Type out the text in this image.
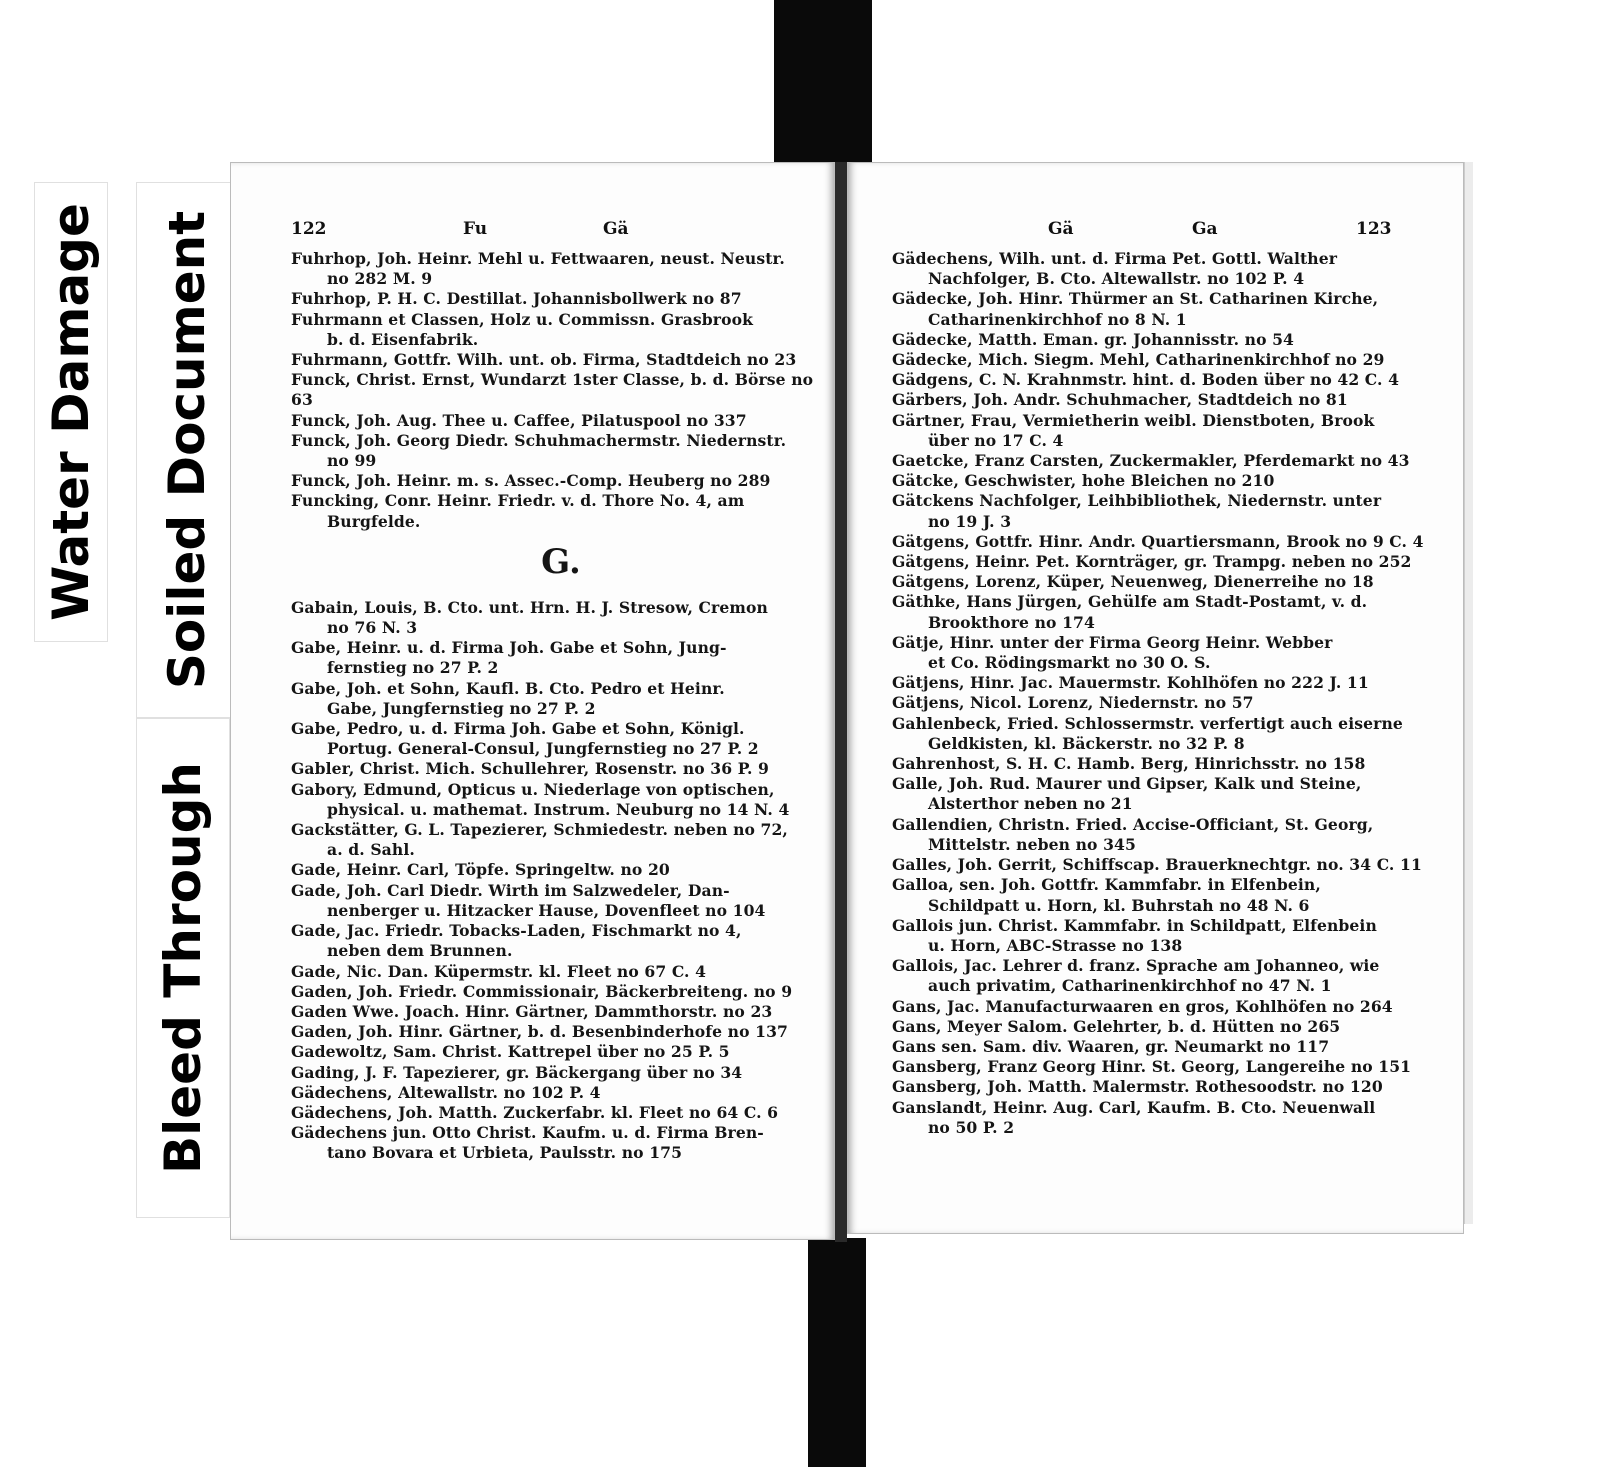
Water Damage Soiled Document
Bleed Through
122	Fu	Gä
Fuhrhop, Joh. Heinr. Mehl u. Fettwaaren, neust. Neustr.
no 282 M. 9
Fuhrhop, P. H. C. Destillat. Johannisbollwerk no 87
Fuhrmann et Classen, Holz u. Commissn. Grasbrook
b. d. Eisenfabrik.
Fuhrmann, Gottfr. Wilh. unt. ob. Firma, Stadtdeich no 23
Funck, Christ. Ernst, Wundarzt 1ster Classe, b. d. Börse no 63
Funck, Joh. Aug. Thee u. Caffee, Pilatuspool no 337
Funck, Joh. Georg Diedr. Schuhmachermstr. Niedernstr.
no 99
Funck, Joh. Heinr. m. s. Assec.-Comp. Heuberg no 289
Funcking, Conr. Heinr. Friedr. v. d. Thore No. 4, am
Burgfelde.
G.
Gabain, Louis, B. Cto. unt. Hrn. H. J. Stresow, Cremon
no 76 N. 3
Gabe, Heinr. u. d. Firma Joh. Gabe et Sohn, Jung-
fernstieg no 27 P. 2
Gabe, Joh. et Sohn, Kaufl. B. Cto. Pedro et Heinr.
Gabe, Jungfernstieg no 27 P. 2
Gabe, Pedro, u. d. Firma Joh. Gabe et Sohn, Königl.
Portug. General-Consul, Jungfernstieg no 27 P. 2
Gabler, Christ. Mich. Schullehrer, Rosenstr. no 36 P. 9
Gabory, Edmund, Opticus u. Niederlage von optischen,
physical. u. mathemat. Instrum. Neuburg no 14 N. 4
Gackstätter, G. L. Tapezierer, Schmiedestr. neben no 72,
a. d. Sahl.
Gade, Heinr. Carl, Töpfe. Springeltw. no 20
Gade, Joh. Carl Diedr. Wirth im Salzwedeler, Dan-
nenberger u. Hitzacker Hause, Dovenfleet no 104
Gade, Jac. Friedr. Tobacks-Laden, Fischmarkt no 4,
neben dem Brunnen.
Gade, Nic. Dan. Küpermstr. kl. Fleet no 67 C. 4
Gaden, Joh. Friedr. Commissionair, Bäckerbreiteng. no 9
Gaden Wwe. Joach. Hinr. Gärtner, Dammthorstr. no 23
Gaden, Joh. Hinr. Gärtner, b. d. Besenbinderhofe no 137
Gadewoltz, Sam. Christ. Kattrepel über no 25 P. 5
Gading, J. F. Tapezierer, gr. Bäckergang über no 34
Gädechens, Altewallstr. no 102 P. 4
Gädechens, Joh. Matth. Zuckerfabr. kl. Fleet no 64 C. 6
Gädechens jun. Otto Christ. Kaufm. u. d. Firma Bren-
tano Bovara et Urbieta, Paulsstr. no 175
Gä	Ga	123
Gädechens, Wilh. unt. d. Firma Pet. Gottl. Walther
Nachfolger, B. Cto. Altewallstr. no 102 P. 4
Gädecke, Joh. Hinr. Thürmer an St. Catharinen Kirche,
Catharinenkirchhof no 8 N. 1
Gädecke, Matth. Eman. gr. Johannisstr. no 54
Gädecke, Mich. Siegm. Mehl, Catharinenkirchhof no 29
Gädgens, C. N. Krahnmstr. hint. d. Boden über no 42 C. 4
Gärbers, Joh. Andr. Schuhmacher, Stadtdeich no 81
Gärtner, Frau, Vermietherin weibl. Dienstboten, Brook
über no 17 C. 4
Gaetcke, Franz Carsten, Zuckermakler, Pferdemarkt no 43
Gätcke, Geschwister, hohe Bleichen no 210
Gätckens Nachfolger, Leihbibliothek, Niedernstr. unter
no 19 J. 3
Gätgens, Gottfr. Hinr. Andr. Quartiersmann, Brook no 9 C. 4
Gätgens, Heinr. Pet. Kornträger, gr. Trampg. neben no 252
Gätgens, Lorenz, Küper, Neuenweg, Dienerreihe no 18
Gäthke, Hans Jürgen, Gehülfe am Stadt-Postamt, v. d.
Brookthore no 174
Gätje, Hinr. unter der Firma Georg Heinr. Webber
et Co. Rödingsmarkt no 30 O. S.
Gätjens, Hinr. Jac. Mauermstr. Kohlhöfen no 222 J. 11
Gätjens, Nicol. Lorenz, Niedernstr. no 57
Gahlenbeck, Fried. Schlossermstr. verfertigt auch eiserne
Geldkisten, kl. Bäckerstr. no 32 P. 8
Gahrenhost, S. H. C. Hamb. Berg, Hinrichsstr. no 158
Galle, Joh. Rud. Maurer und Gipser, Kalk und Steine,
Alsterthor neben no 21
Gallendien, Christn. Fried. Accise-Officiant, St. Georg,
Mittelstr. neben no 345
Galles, Joh. Gerrit, Schiffscap. Brauerknechtgr. no. 34 C. 11
Galloa, sen. Joh. Gottfr. Kammfabr. in Elfenbein,
Schildpatt u. Horn, kl. Buhrstah no 48 N. 6
Gallois jun. Christ. Kammfabr. in Schildpatt, Elfenbein
u. Horn, ABC-Strasse no 138
Gallois, Jac. Lehrer d. franz. Sprache am Johanneo, wie
auch privatim, Catharinenkirchhof no 47 N. 1
Gans, Jac. Manufacturwaaren en gros, Kohlhöfen no 264
Gans, Meyer Salom. Gelehrter, b. d. Hütten no 265
Gans sen. Sam. div. Waaren, gr. Neumarkt no 117
Gansberg, Franz Georg Hinr. St. Georg, Langereihe no 151
Gansberg, Joh. Matth. Malermstr. Rothesoodstr. no 120
Ganslandt, Heinr. Aug. Carl, Kaufm. B. Cto. Neuenwall
no 50 P. 2
